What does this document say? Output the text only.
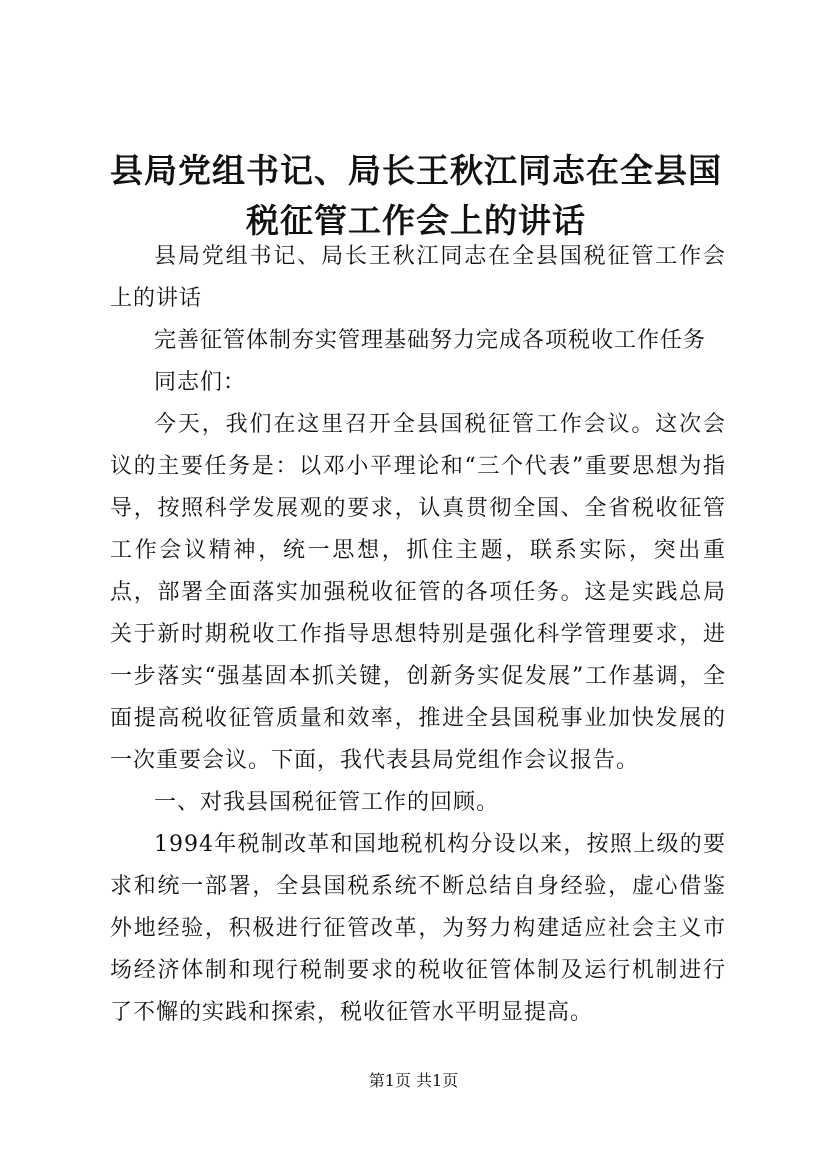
县局党组书记、局长王秋江同志在全县国税征管工作会上的讲话

县局党组书记、局长王秋江同志在全县国税征管工作会上的讲话

完善征管体制夯实管理基础努力完成各项税收工作任务

同志们：

今天，我们在这里召开全县国税征管工作会议。这次会议的主要任务是：以邓小平理论和“三个代表”重要思想为指导，按照科学发展观的要求，认真贯彻全国、全省税收征管工作会议精神，统一思想，抓住主题，联系实际，突出重点，部署全面落实加强税收征管的各项任务。这是实践总局关于新时期税收工作指导思想特别是强化科学管理要求，进一步落实“强基固本抓关键，创新务实促发展”工作基调，全面提高税收征管质量和效率，推进全县国税事业加快发展的一次重要会议。下面，我代表县局党组作会议报告。

一、对我县国税征管工作的回顾。

1994年税制改革和国地税机构分设以来，按照上级的要求和统一部署，全县国税系统不断总结自身经验，虚心借鉴外地经验，积极进行征管改革，为努力构建适应社会主义市场经济体制和现行税制要求的税收征管体制及运行机制进行了不懈的实践和探索，税收征管水平明显提高。

第1页 共1页
